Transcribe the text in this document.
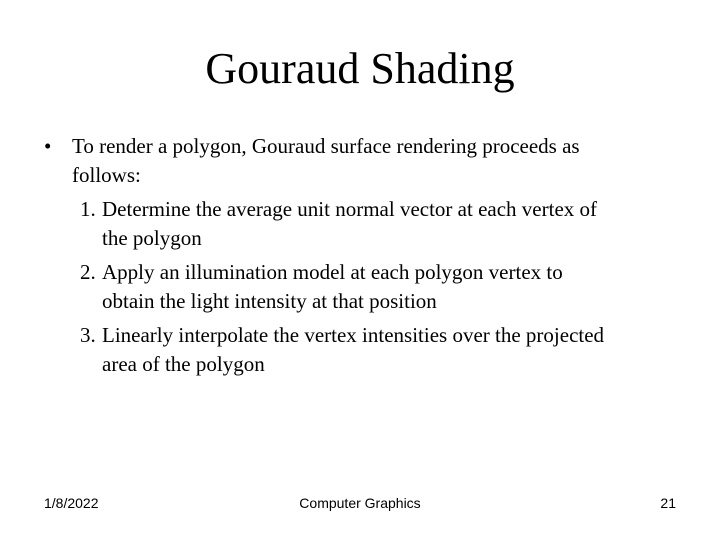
Gouraud Shading
• To render a polygon, Gouraud surface rendering proceeds as
follows:
1. Determine the average unit normal vector at each vertex of
the polygon
2. Apply an illumination model at each polygon vertex to
obtain the light intensity at that position
3. Linearly interpolate the vertex intensities over the projected
area of the polygon
1/8/2022	Computer Graphics	21
